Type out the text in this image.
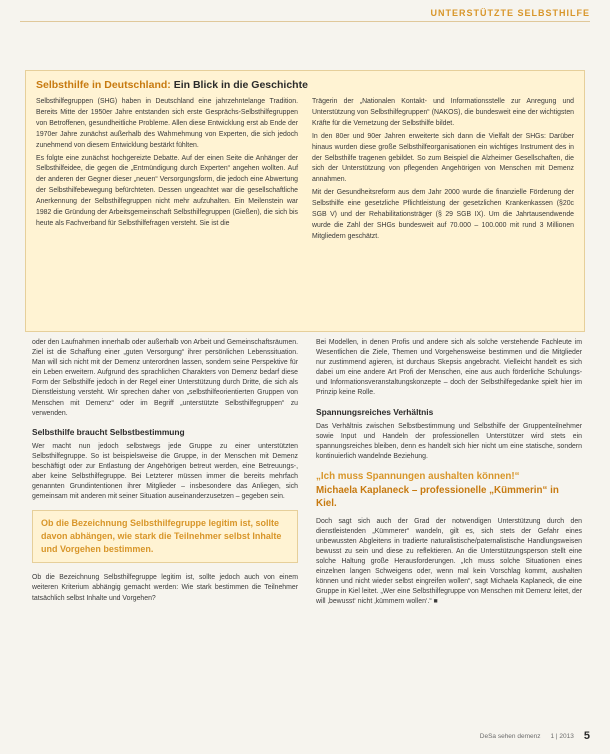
UNTERSTÜTZTE SELBSTHILFE
Selbsthilfe in Deutschland: Ein Blick in die Geschichte

Selbsthilfegruppen (SHG) haben in Deutschland eine jahrzehntelange Tradition. Bereits Mitte der 1950er Jahre entstanden sich erste Gesprächs-Selbsthilfegruppen von Betroffenen, gesundheitliche Probleme. Allen diese Entwicklung erst ab Ende der 1970er Jahre zunächst außerhalb des Wahrnehmung von Experten, die sich jedoch zunehmend von diesem Entwicklung bestärkt fühlten.

Es folgte eine zunächst hochgereizte Debatte. Auf der einen Seite die Anhänger der Selbsthilfeidee, die gegen die „Entmündigung durch Experten“ angehen wollten. Auf der anderen der Gegner dieser „neuen“ Versorgungsform, die jedoch eine Abwertung der Selbsthilfebewegung befürchteten. Dessen ungeachtet war die gesellschaftliche Anerkennung der Selbsthilfegruppen nicht mehr aufzuhalten. Ein Meilenstein war 1982 die Gründung der Arbeitsgemeinschaft Selbsthilfegruppen (Gießen), die sich bis heute als Fachverband für Selbsthilfefragen versteht. Sie ist die

Trägerin der „Nationalen Kontakt- und Informationsstelle zur Anregung und Unterstützung von Selbsthilfegruppen“ (NAKOS), die bundesweit eine der wichtigsten Kräfte für die Vernetzung der Selbsthilfe bildet.

In den 80er und 90er Jahren erweiterte sich dann die Vielfalt der SHGs: Darüber hinaus wurden diese große Selbsthilfeorganisationen ein wichtiges Instrument des in der Selbsthilfe tragenen gebildet. So zum Beispiel die Alzheimer Gesellschaften, die sich der Unterstützung von pflegenden Angehörigen von Menschen mit Demenz annahmen.

Mit der Gesundheitsreform aus dem Jahr 2000 wurde die finanzielle Förderung der Selbsthilfe eine gesetzliche Pflichtleistung der gesetzlichen Krankenkassen (§20c SGB V) und der Rehabilitationsträger (§ 29 SGB IX). Um die Jahrtausendwende wurde die Zahl der SHGs bundesweit auf 70.000 – 100.000 mit rund 3 Millionen Mitgliedern geschätzt.

oder den Laufnahmen innerhalb oder außerhalb von Arbeit und Gemeinschaftsräumen. Ziel ist die Schaffung einer „guten Versorgung“ ihrer persönlichen Lebenssituation. Man will sich nicht mit der Demenz unterordnen lassen, sondern seine Perspektive für ein Leben erweitern. Aufgrund des sprachlichen Charakters von Demenz bedarf diese Form der Selbsthilfe jedoch in der Regel einer Unterstützung durch Dritte, die sich als Dienstleistung versteht. Wir sprechen daher von „selbsthilfeorientierten Gruppen von Menschen mit Demenz“ oder im Begriff „unterstützte Selbsthilfegruppen“ zu verwenden.

Selbsthilfe braucht Selbstbestimmung

Wer macht nun jedoch selbstwegs jede Gruppe zu einer unterstützten Selbsthilfegruppe. So ist beispielsweise die Gruppe, in der Menschen mit Demenz beschäftigt oder zur Entlastung der Angehörigen betreut werden, eine Betreuungs-, aber keine Selbsthilfegruppe. Bei Letzterer müssen immer die bereits mehrfach genannten Grundintentionen ihrer Mitglieder – insbesondere das Anliegen, sich gemeinsam mit anderen mit seiner Situation auseinanderzusetzen – gegeben sein.

Ob die Bezeichnung Selbsthilfegruppe legitim ist, sollte davon abhängen, wie stark die Teilnehmer selbst Inhalte und Vorgehen bestimmen.

Ob die Bezeichnung Selbsthilfegruppe legitim ist, sollte jedoch auch von einem weiteren Kriterium abhängig gemacht werden: Wie stark bestimmen die Teilnehmer tatsächlich selbst Inhalte und Vorgehen?

Bei Modellen, in denen Profis und andere sich als solche verstehende Fachleute im Wesentlichen die Ziele, Themen und Vorgehensweise bestimmen und die Mitglieder nur zustimmend agieren, ist durchaus Skepsis angebracht. Vielleicht handelt es sich dabei um eine andere Art Profi der Menschen, eine aus auch förderliche Schulungs- und Informationsveranstaltungskonzepte – doch der Selbsthilfegedanke spielt hier im Prinzip keine Rolle.

Spannungsreiches Verhältnis

Das Verhältnis zwischen Selbstbestimmung und Selbsthilfe der Gruppenteilnehmer sowie Input und Handeln der professionellen Unterstützer wird stets ein spannungsreiches bleiben, denn es handelt sich hier nicht um eine statische, sondern kontinuierlich wandelnde Beziehung.

„Ich muss Spannungen aushalten können!“
Michaela Kaplaneck – professionelle „Kümmerin“ in Kiel.

Doch sagt sich auch der Grad der notwendigen Unterstützung durch den dienstleistenden „Kümmerer“ wandeln, gilt es, sich stets der Gefahr eines unbewussten Abgleitens in tradierte naturalistische/paternalistische Handlungsweisen bewusst zu sein und diese zu reflektieren. An die Unterstützungsperson stellt eine solche Haltung große Herausforderungen. „Ich muss solche Situationen eines einzelnen langen Schweigens oder, wenn mal kein Vorschlag kommt, aushalten können und nicht wieder selbst eingreifen wollen“, sagt Michaela Kaplaneck, die eine Gruppe in Kiel leitet. „Wer eine Selbsthilfegruppe von Menschen mit Demenz leitet, der will ‚bewusst‘ nicht ‚kümmern wollen‘.“ ■

DeSa sehen demenz 1 | 2013 5
